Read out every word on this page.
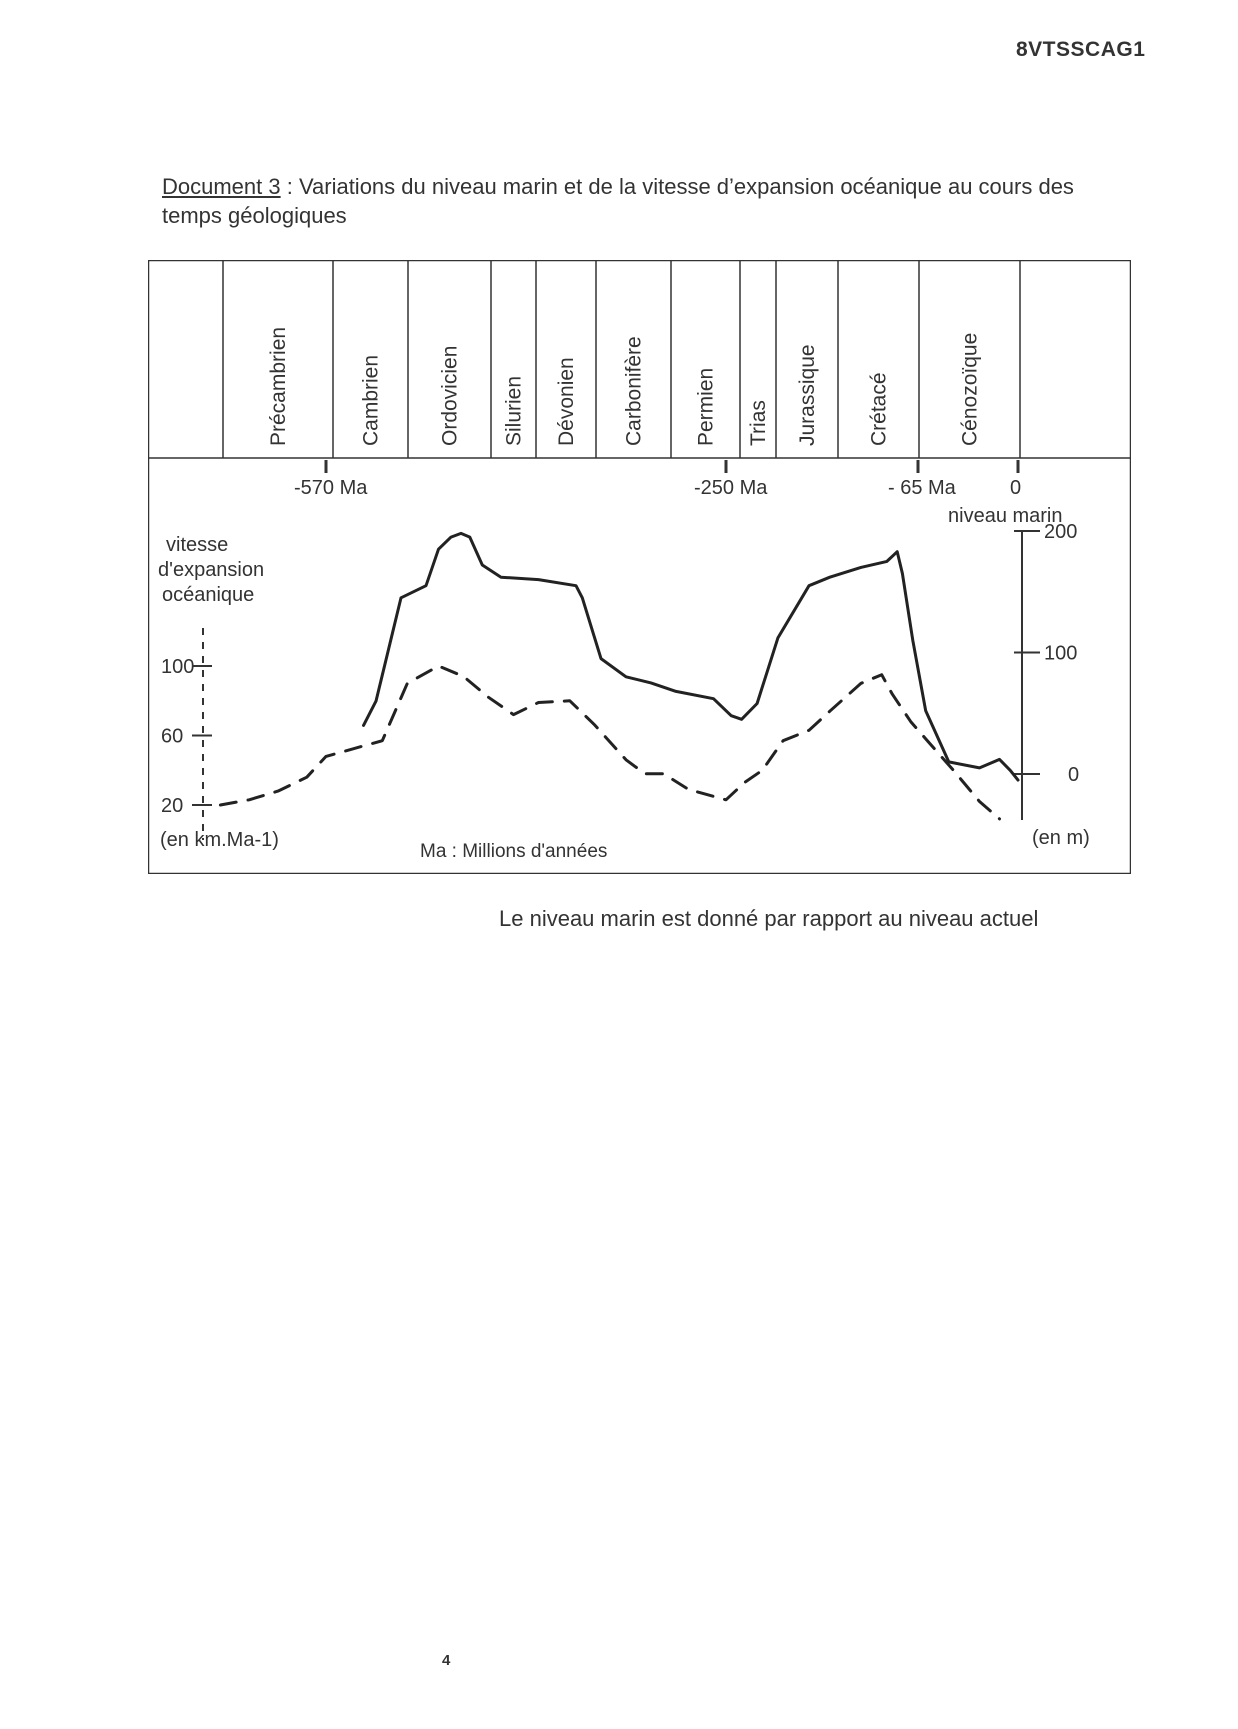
8VTSSCAG1
Document 3 : Variations du niveau marin et de la vitesse d’expansion océanique au cours des temps géologiques
Précambrien	Cambrien	Ordovicien Silurien Dévonien Carbonifère Permien Trias Jurassique Crétacé	Cénozoïque
-570 Ma	-250 Ma	- 65 Ma	0
vitesse
d'expansion
océanique
100
60
20
(en km.Ma-1)
niveau marin
200
100
0
(en m)
Ma : Millions d'années
Le niveau marin est donné par rapport au niveau actuel
4
